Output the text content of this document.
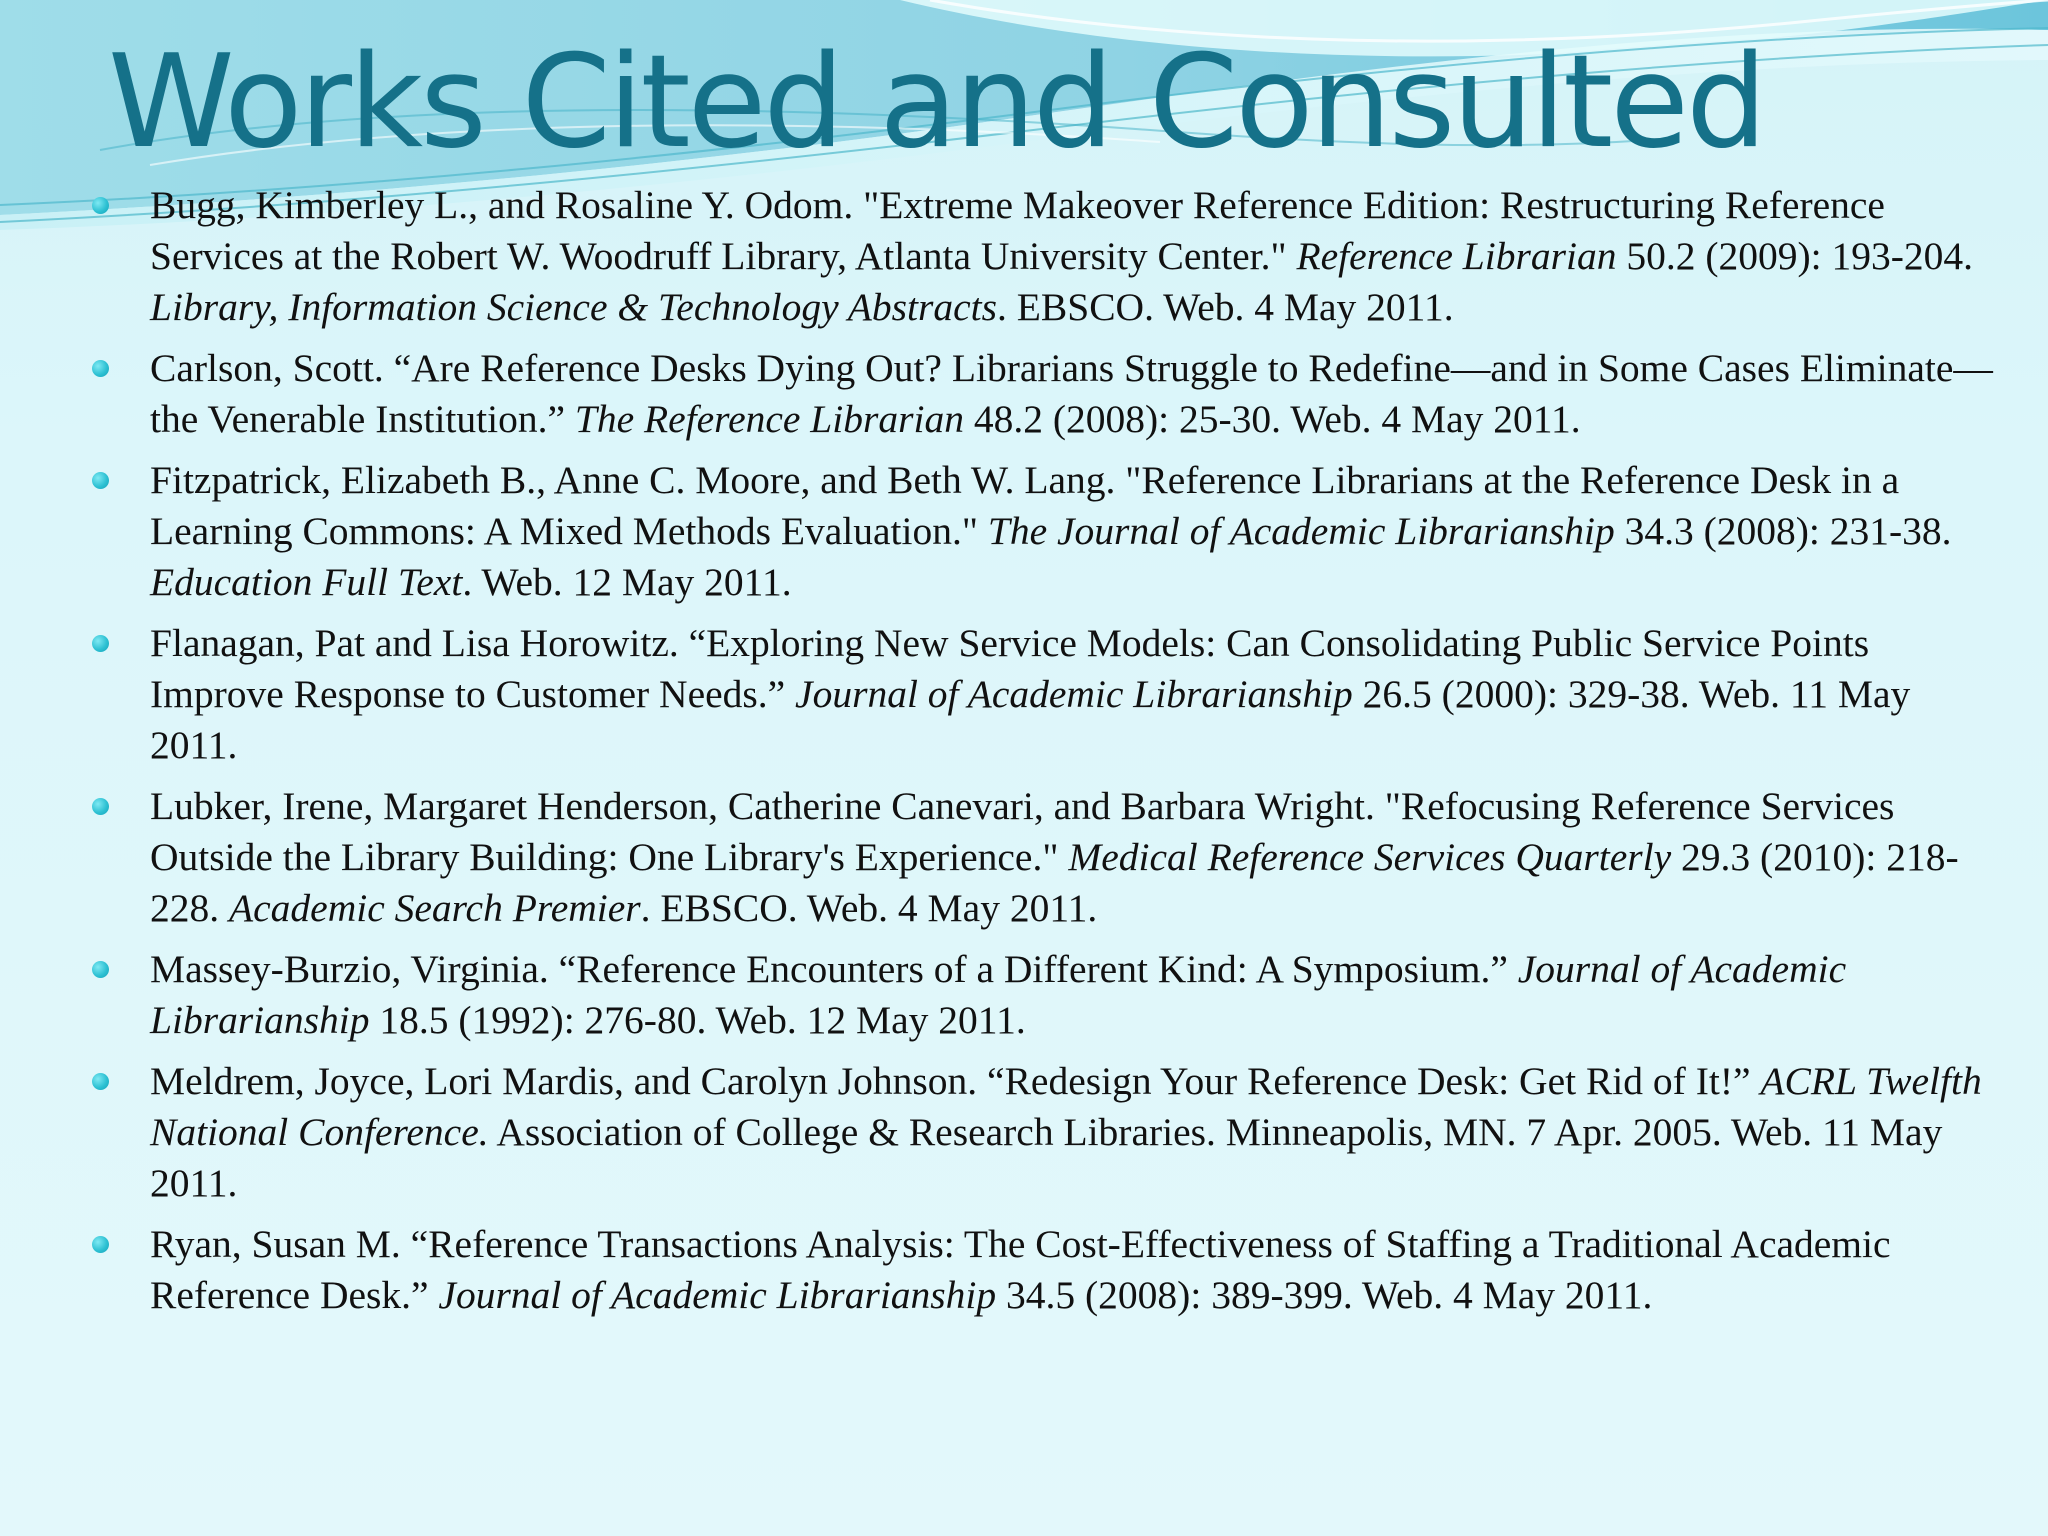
Works Cited and Consulted
Bugg, Kimberley L., and Rosaline Y. Odom. "Extreme Makeover Reference Edition: Restructuring Reference Services at the Robert W. Woodruff Library, Atlanta University Center." Reference Librarian 50.2 (2009): 193-204. Library, Information Science & Technology Abstracts. EBSCO. Web. 4 May 2011.
Carlson, Scott. “Are Reference Desks Dying Out? Librarians Struggle to Redefine—and in Some Cases Eliminate—the Venerable Institution.” The Reference Librarian 48.2 (2008): 25-30. Web. 4 May 2011.
Fitzpatrick, Elizabeth B., Anne C. Moore, and Beth W. Lang. "Reference Librarians at the Reference Desk in a Learning Commons: A Mixed Methods Evaluation." The Journal of Academic Librarianship 34.3 (2008): 231-38. Education Full Text. Web. 12 May 2011.
Flanagan, Pat and Lisa Horowitz. “Exploring New Service Models: Can Consolidating Public Service Points Improve Response to Customer Needs.” Journal of Academic Librarianship 26.5 (2000): 329-38. Web. 11 May 2011.
Lubker, Irene, Margaret Henderson, Catherine Canevari, and Barbara Wright. "Refocusing Reference Services Outside the Library Building: One Library's Experience." Medical Reference Services Quarterly 29.3 (2010): 218-228. Academic Search Premier. EBSCO. Web. 4 May 2011.
Massey-Burzio, Virginia. “Reference Encounters of a Different Kind: A Symposium.” Journal of Academic Librarianship 18.5 (1992): 276-80. Web. 12 May 2011.
Meldrem, Joyce, Lori Mardis, and Carolyn Johnson. “Redesign Your Reference Desk: Get Rid of It!” ACRL Twelfth National Conference. Association of College & Research Libraries. Minneapolis, MN. 7 Apr. 2005. Web. 11 May 2011.
Ryan, Susan M. “Reference Transactions Analysis: The Cost-Effectiveness of Staffing a Traditional Academic Reference Desk.” Journal of Academic Librarianship 34.5 (2008): 389-399. Web. 4 May 2011.
